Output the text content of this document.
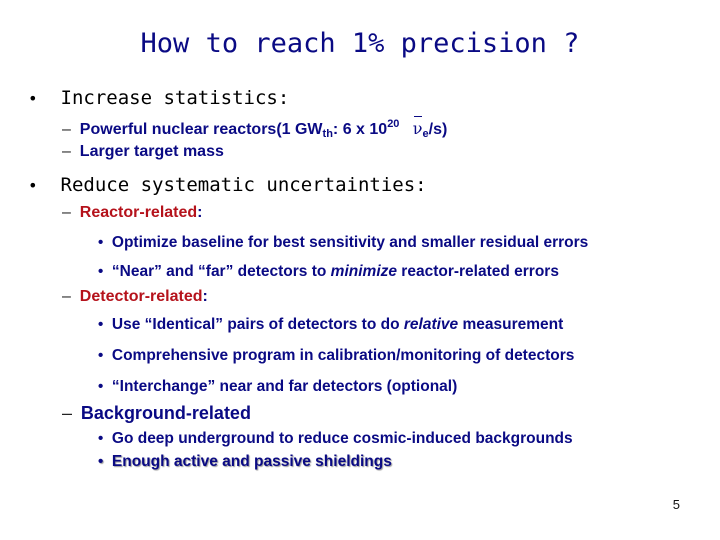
How to reach 1% precision ?
• Increase statistics:
– Powerful nuclear reactors(1 $GW_{th}$: 6 x $10^{20}$ $\nu_e/s$)
– Larger target mass
• Reduce systematic uncertainties:
– Reactor-related:
• Optimize baseline for best sensitivity and smaller residual errors
• “Near” and “far” detectors to minimize reactor-related errors
– Detector-related:
• Use “Identical” pairs of detectors to do relative measurement
• Comprehensive program in calibration/monitoring of detectors
• “Interchange” near and far detectors (optional)
– Background-related
• Go deep underground to reduce cosmic-induced backgrounds
• Enough active and passive shieldings
5
